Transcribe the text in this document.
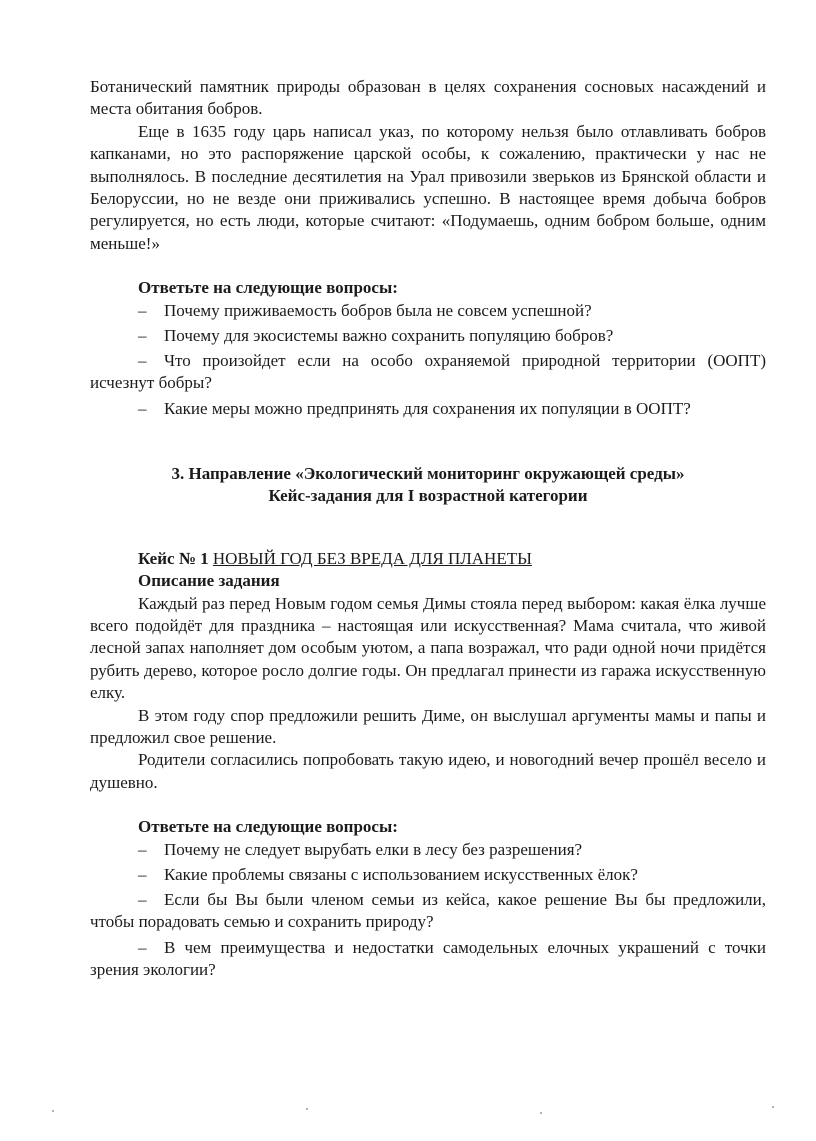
Ботанический памятник природы образован в целях сохранения сосновых насаждений и места обитания бобров.

Еще в 1635 году царь написал указ, по которому нельзя было отлавливать бобров капканами, но это распоряжение царской особы, к сожалению, практически у нас не выполнялось. В последние десятилетия на Урал привозили зверьков из Брянской области и Белоруссии, но не везде они приживались успешно. В настоящее время добыча бобров регулируется, но есть люди, которые считают: «Подумаешь, одним бобром больше, одним меньше!»

Ответьте на следующие вопросы:

– Почему приживаемость бобров была не совсем успешной?

– Почему для экосистемы важно сохранить популяцию бобров?

– Что произойдет если на особо охраняемой природной территории (ООПТ) исчезнут бобры?

– Какие меры можно предпринять для сохранения их популяции в ООПТ?

3. Направление «Экологический мониторинг окружающей среды»

Кейс-задания для I возрастной категории

Кейс № 1 НОВЫЙ ГОД БЕЗ ВРЕДА ДЛЯ ПЛАНЕТЫ

Описание задания

Каждый раз перед Новым годом семья Димы стояла перед выбором: какая ёлка лучше всего подойдёт для праздника – настоящая или искусственная? Мама считала, что живой лесной запах наполняет дом особым уютом, а папа возражал, что ради одной ночи придётся рубить дерево, которое росло долгие годы. Он предлагал принести из гаража искусственную елку.

В этом году спор предложили решить Диме, он выслушал аргументы мамы и папы и предложил свое решение.

Родители согласились попробовать такую идею, и новогодний вечер прошёл весело и душевно.

Ответьте на следующие вопросы:

– Почему не следует вырубать елки в лесу без разрешения?

– Какие проблемы связаны с использованием искусственных ёлок?

– Если бы Вы были членом семьи из кейса, какое решение Вы бы предложили, чтобы порадовать семью и сохранить природу?

– В чем преимущества и недостатки самодельных елочных украшений с точки зрения экологии?
